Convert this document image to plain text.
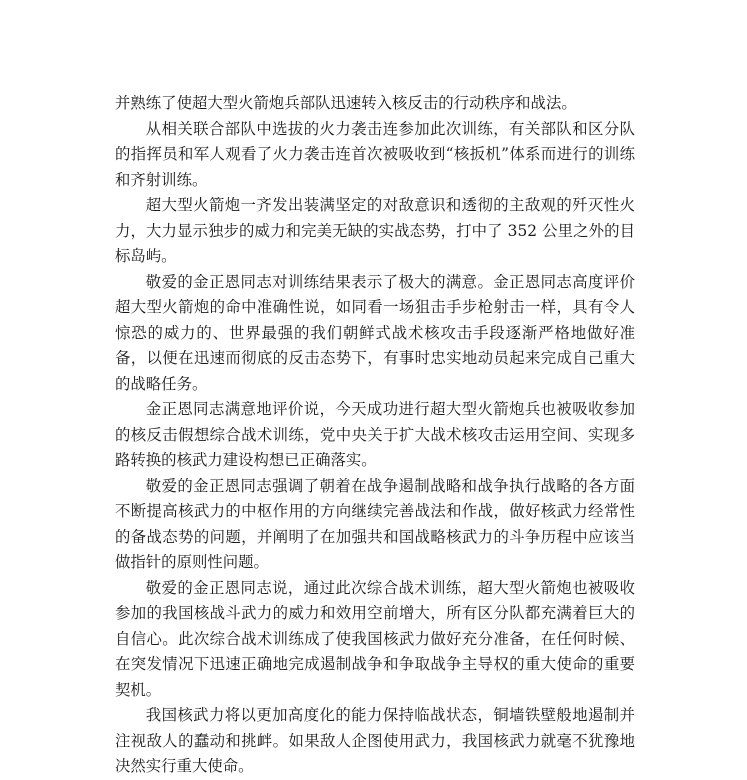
并熟练了使超大型火箭炮兵部队迅速转入核反击的行动秩序和战法。

从相关联合部队中选拔的火力袭击连参加此次训练，有关部队和区分队的指挥员和军人观看了火力袭击连首次被吸收到“核扳机”体系而进行的训练和齐射训练。

超大型火箭炮一齐发出装满坚定的对敌意识和透彻的主敌观的歼灭性火力，大力显示独步的威力和完美无缺的实战态势，打中了 352 公里之外的目标岛屿。

敬爱的金正恩同志对训练结果表示了极大的满意。金正恩同志高度评价超大型火箭炮的命中准确性说，如同看一场狙击手步枪射击一样，具有令人惊恐的威力的、世界最强的我们朝鲜式战术核攻击手段逐渐严格地做好准备，以便在迅速而彻底的反击态势下，有事时忠实地动员起来完成自己重大的战略任务。

金正恩同志满意地评价说，今天成功进行超大型火箭炮兵也被吸收参加的核反击假想综合战术训练，党中央关于扩大战术核攻击运用空间、实现多路转换的核武力建设构想已正确落实。

敬爱的金正恩同志强调了朝着在战争遏制战略和战争执行战略的各方面不断提高核武力的中枢作用的方向继续完善战法和作战，做好核武力经常性的备战态势的问题，并阐明了在加强共和国战略核武力的斗争历程中应该当做指针的原则性问题。

敬爱的金正恩同志说，通过此次综合战术训练，超大型火箭炮也被吸收参加的我国核战斗武力的威力和效用空前增大，所有区分队都充满着巨大的自信心。此次综合战术训练成了使我国核武力做好充分准备，在任何时候、在突发情况下迅速正确地完成遏制战争和争取战争主导权的重大使命的重要契机。

我国核武力将以更加高度化的能力保持临战状态，铜墙铁壁般地遏制并注视敌人的蠢动和挑衅。如果敌人企图使用武力，我国核武力就毫不犹豫地决然实行重大使命。
